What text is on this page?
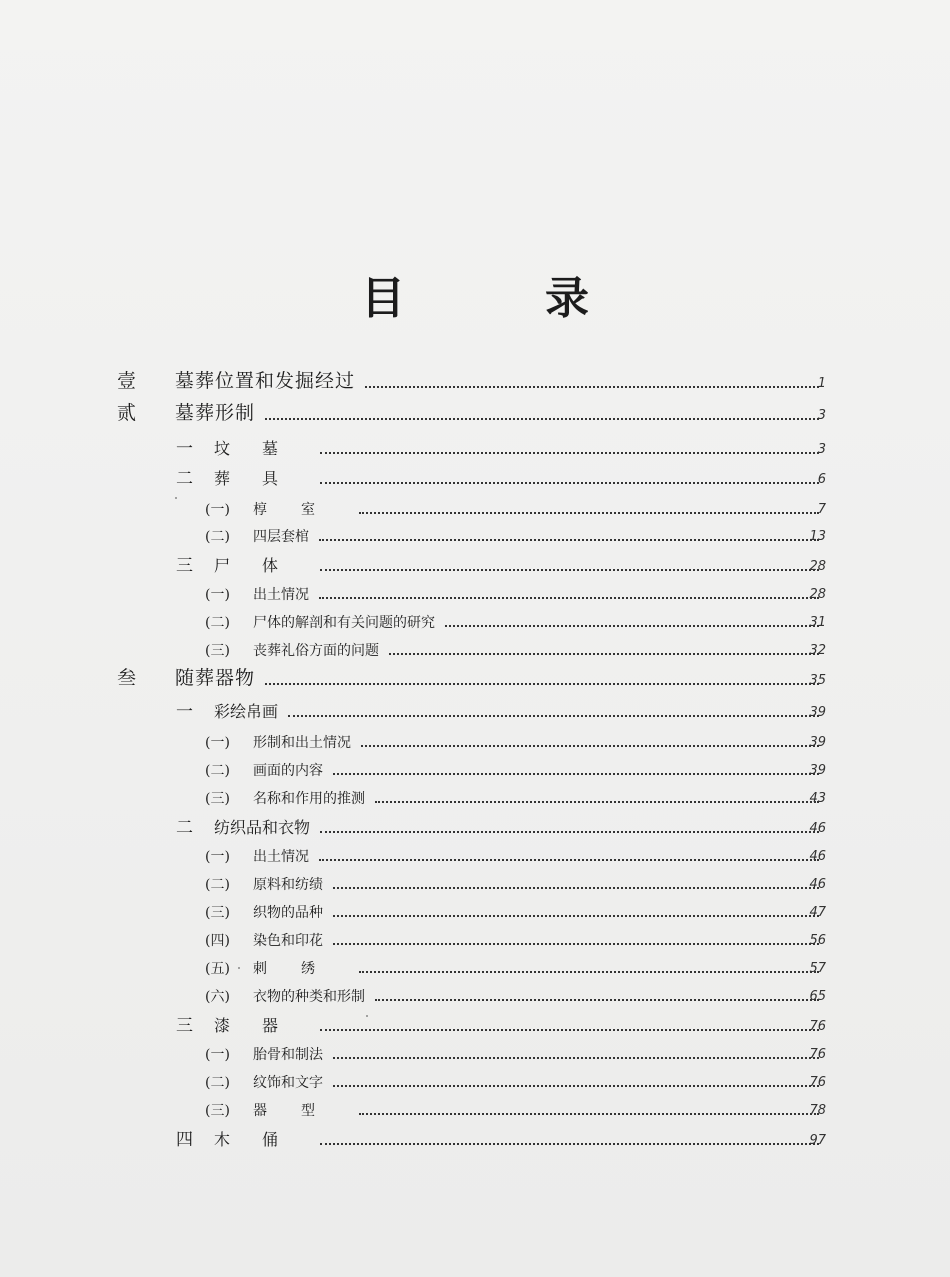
目　录
壹 墓葬位置和发掘经过	1
贰 墓葬形制	3
一 坟墓	3
二 葬具	6
(一) 椁室	7
(二) 四层套棺	13
三 尸体	28
(一) 出土情况	28
(二) 尸体的解剖和有关问题的研究	31
(三) 丧葬礼俗方面的问题	32
叁 随葬器物	35
一 彩绘帛画	39
(一) 形制和出土情况	39
(二) 画面的内容	39
(三) 名称和作用的推测	43
二 纺织品和衣物	46
(一) 出土情况	46
(二) 原料和纺绩	46
(三) 织物的品种	47
(四) 染色和印花	56
(五) 刺绣	57
(六) 衣物的种类和形制	65
三 漆器	76
(一) 胎骨和制法	76
(二) 纹饰和文字	76
(三) 器型	78
四 木俑	97
